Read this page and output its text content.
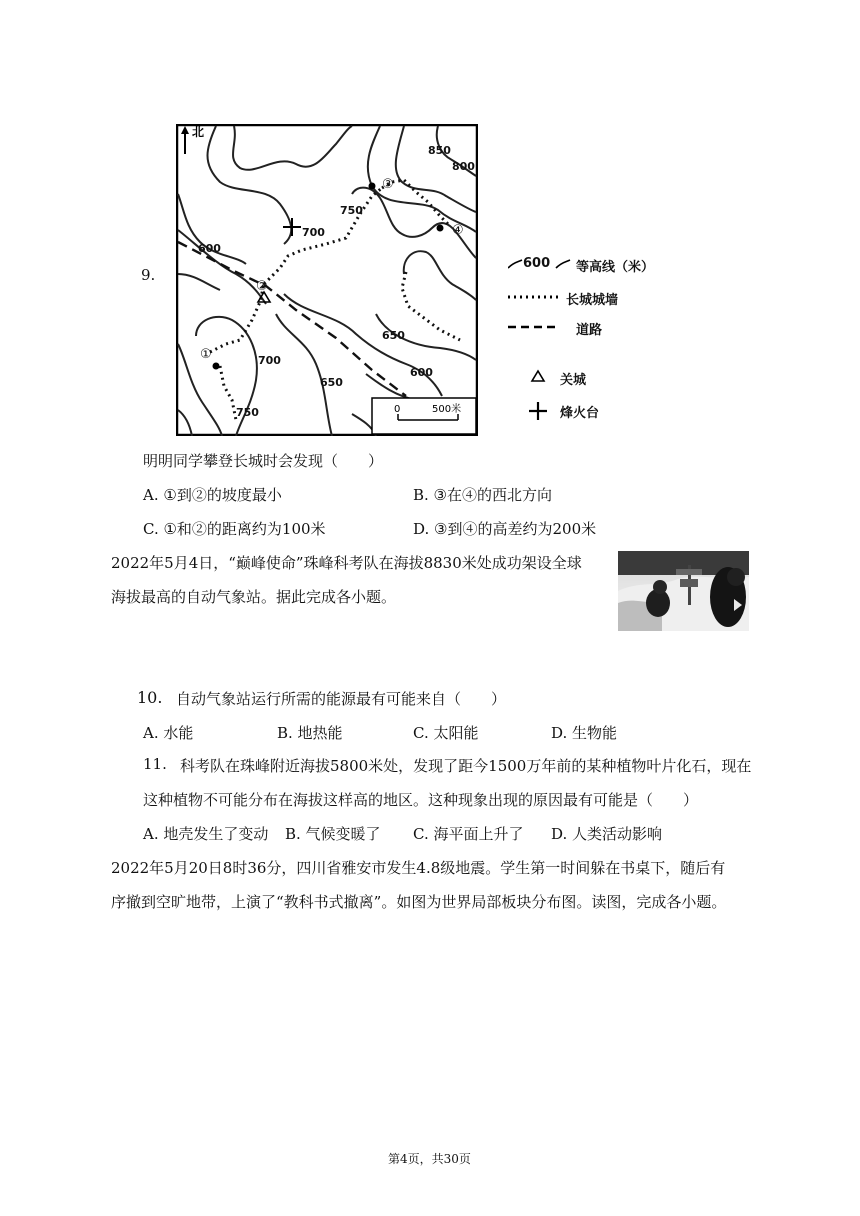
9.
北
850
800
750
700
600
650
650
600
700
750
①
②
③
④
0	500米
600 等高线（米）
长城城墙
道路
关城
烽火台
明明同学攀登长城时会发现（　　）
A. ①到②的坡度最小	B. ③在④的西北方向
C. ①和②的距离约为100米	D. ③到④的高差约为200米
2022年5月4日，“巅峰使命”珠峰科考队在海拔8830米处成功架设全球
海拔最高的自动气象站。据此完成各小题。
10. 自动气象站运行所需的能源最有可能来自（　　）
A. 水能	B. 地热能	C. 太阳能	D. 生物能
11. 科考队在珠峰附近海拔5800米处，发现了距今1500万年前的某种植物叶片化石，现在
这种植物不可能分布在海拔这样高的地区。这种现象出现的原因最有可能是（　　）
A. 地壳发生了变动 B. 气候变暖了 C. 海平面上升了 D. 人类活动影响
2022年5月20日8时36分，四川省雅安市发生4.8级地震。学生第一时间躲在书桌下，随后有
序撤到空旷地带，上演了“教科书式撤离”。如图为世界局部板块分布图。读图，完成各小题。
第4页，共30页
